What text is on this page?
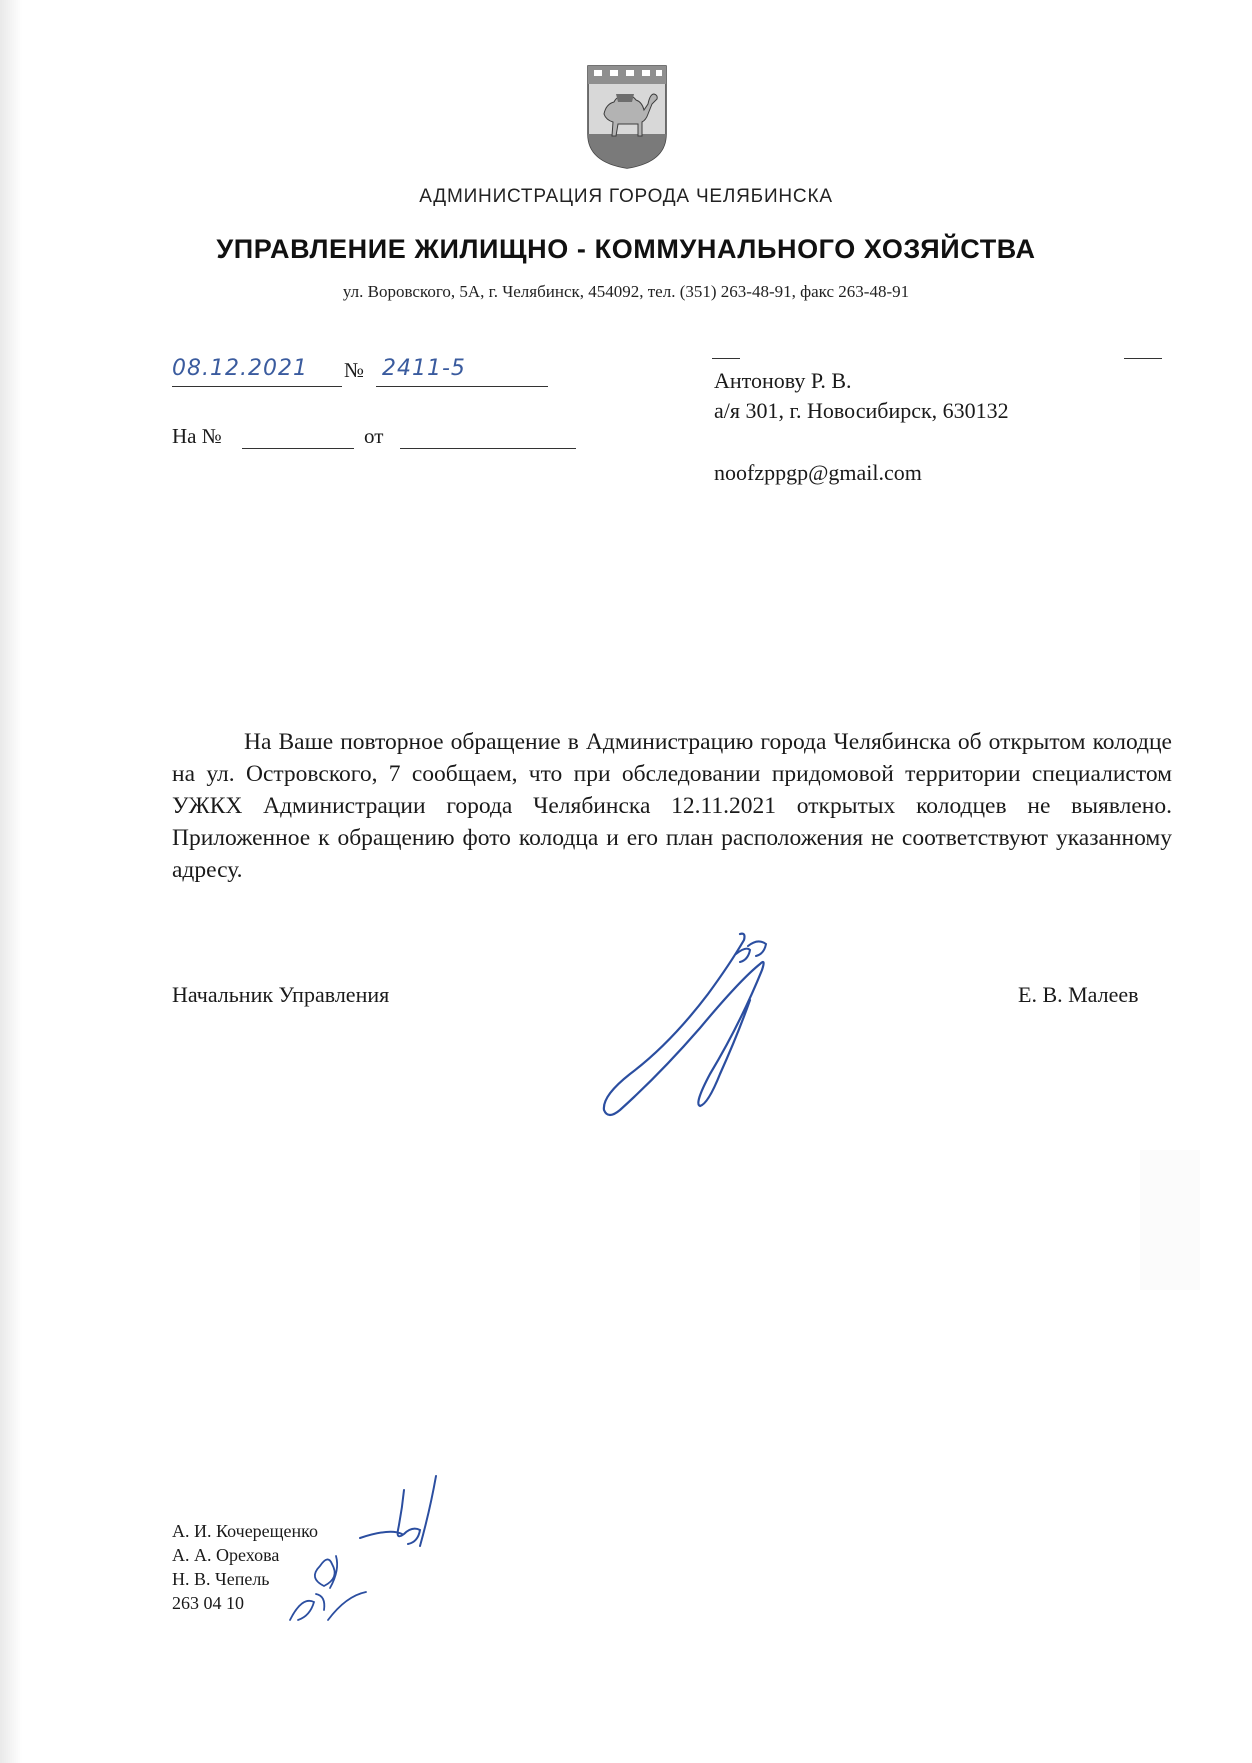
АДМИНИСТРАЦИЯ ГОРОДА ЧЕЛЯБИНСКА
УПРАВЛЕНИЕ ЖИЛИЩНО - КОММУНАЛЬНОГО ХОЗЯЙСТВА
ул. Воровского, 5А, г. Челябинск, 454092, тел. (351) 263-48-91, факс 263-48-91
08.12.2021 № 2411-5
На №	от
Антонову Р. В.
а/я 301, г. Новосибирск, 630132
noofzppgp@gmail.com

На Ваше повторное обращение в Администрацию города Челябинска об открытом колодце на ул. Островского, 7 сообщаем, что при обследовании придомовой территории специалистом УЖКХ Администрации города Челябинска 12.11.2021 открытых колодцев не выявлено. Приложенное к обращению фото колодца и его план расположения не соответствуют указанному адресу.

Начальник Управления	Е. В. Малеев
А. И. Кочерещенко
А. А. Орехова
Н. В. Чепель
263 04 10
